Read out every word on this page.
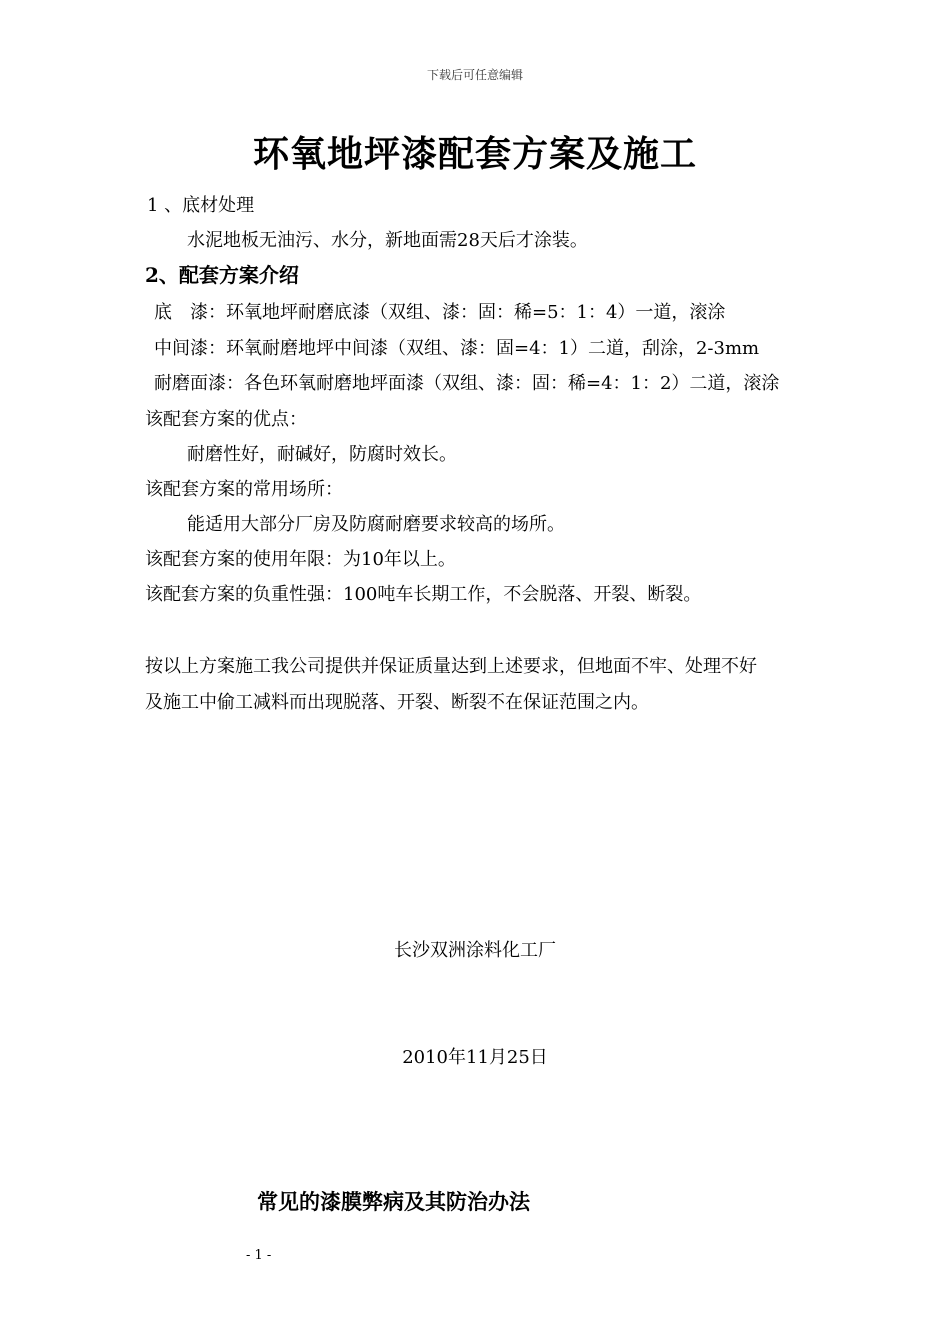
下载后可任意编辑
环氧地坪漆配套方案及施工
1 、底材处理
水泥地板无油污、水分，新地面需28天后才涂装。
2、配套方案介绍
底　漆：环氧地坪耐磨底漆（双组、漆：固：稀=5：1：4）一道，滚涂
中间漆：环氧耐磨地坪中间漆（双组、漆：固=4：1）二道，刮涂，2-3mm
耐磨面漆：各色环氧耐磨地坪面漆（双组、漆：固：稀=4：1：2）二道，滚涂
该配套方案的优点：
耐磨性好，耐碱好，防腐时效长。
该配套方案的常用场所：
能适用大部分厂房及防腐耐磨要求较高的场所。
该配套方案的使用年限：为10年以上。
该配套方案的负重性强：100吨车长期工作，不会脱落、开裂、断裂。
按以上方案施工我公司提供并保证质量达到上述要求，但地面不牢、处理不好
及施工中偷工减料而出现脱落、开裂、断裂不在保证范围之内。
长沙双洲涂料化工厂
2010年11月25日
常见的漆膜弊病及其防治办法
- 1 -
